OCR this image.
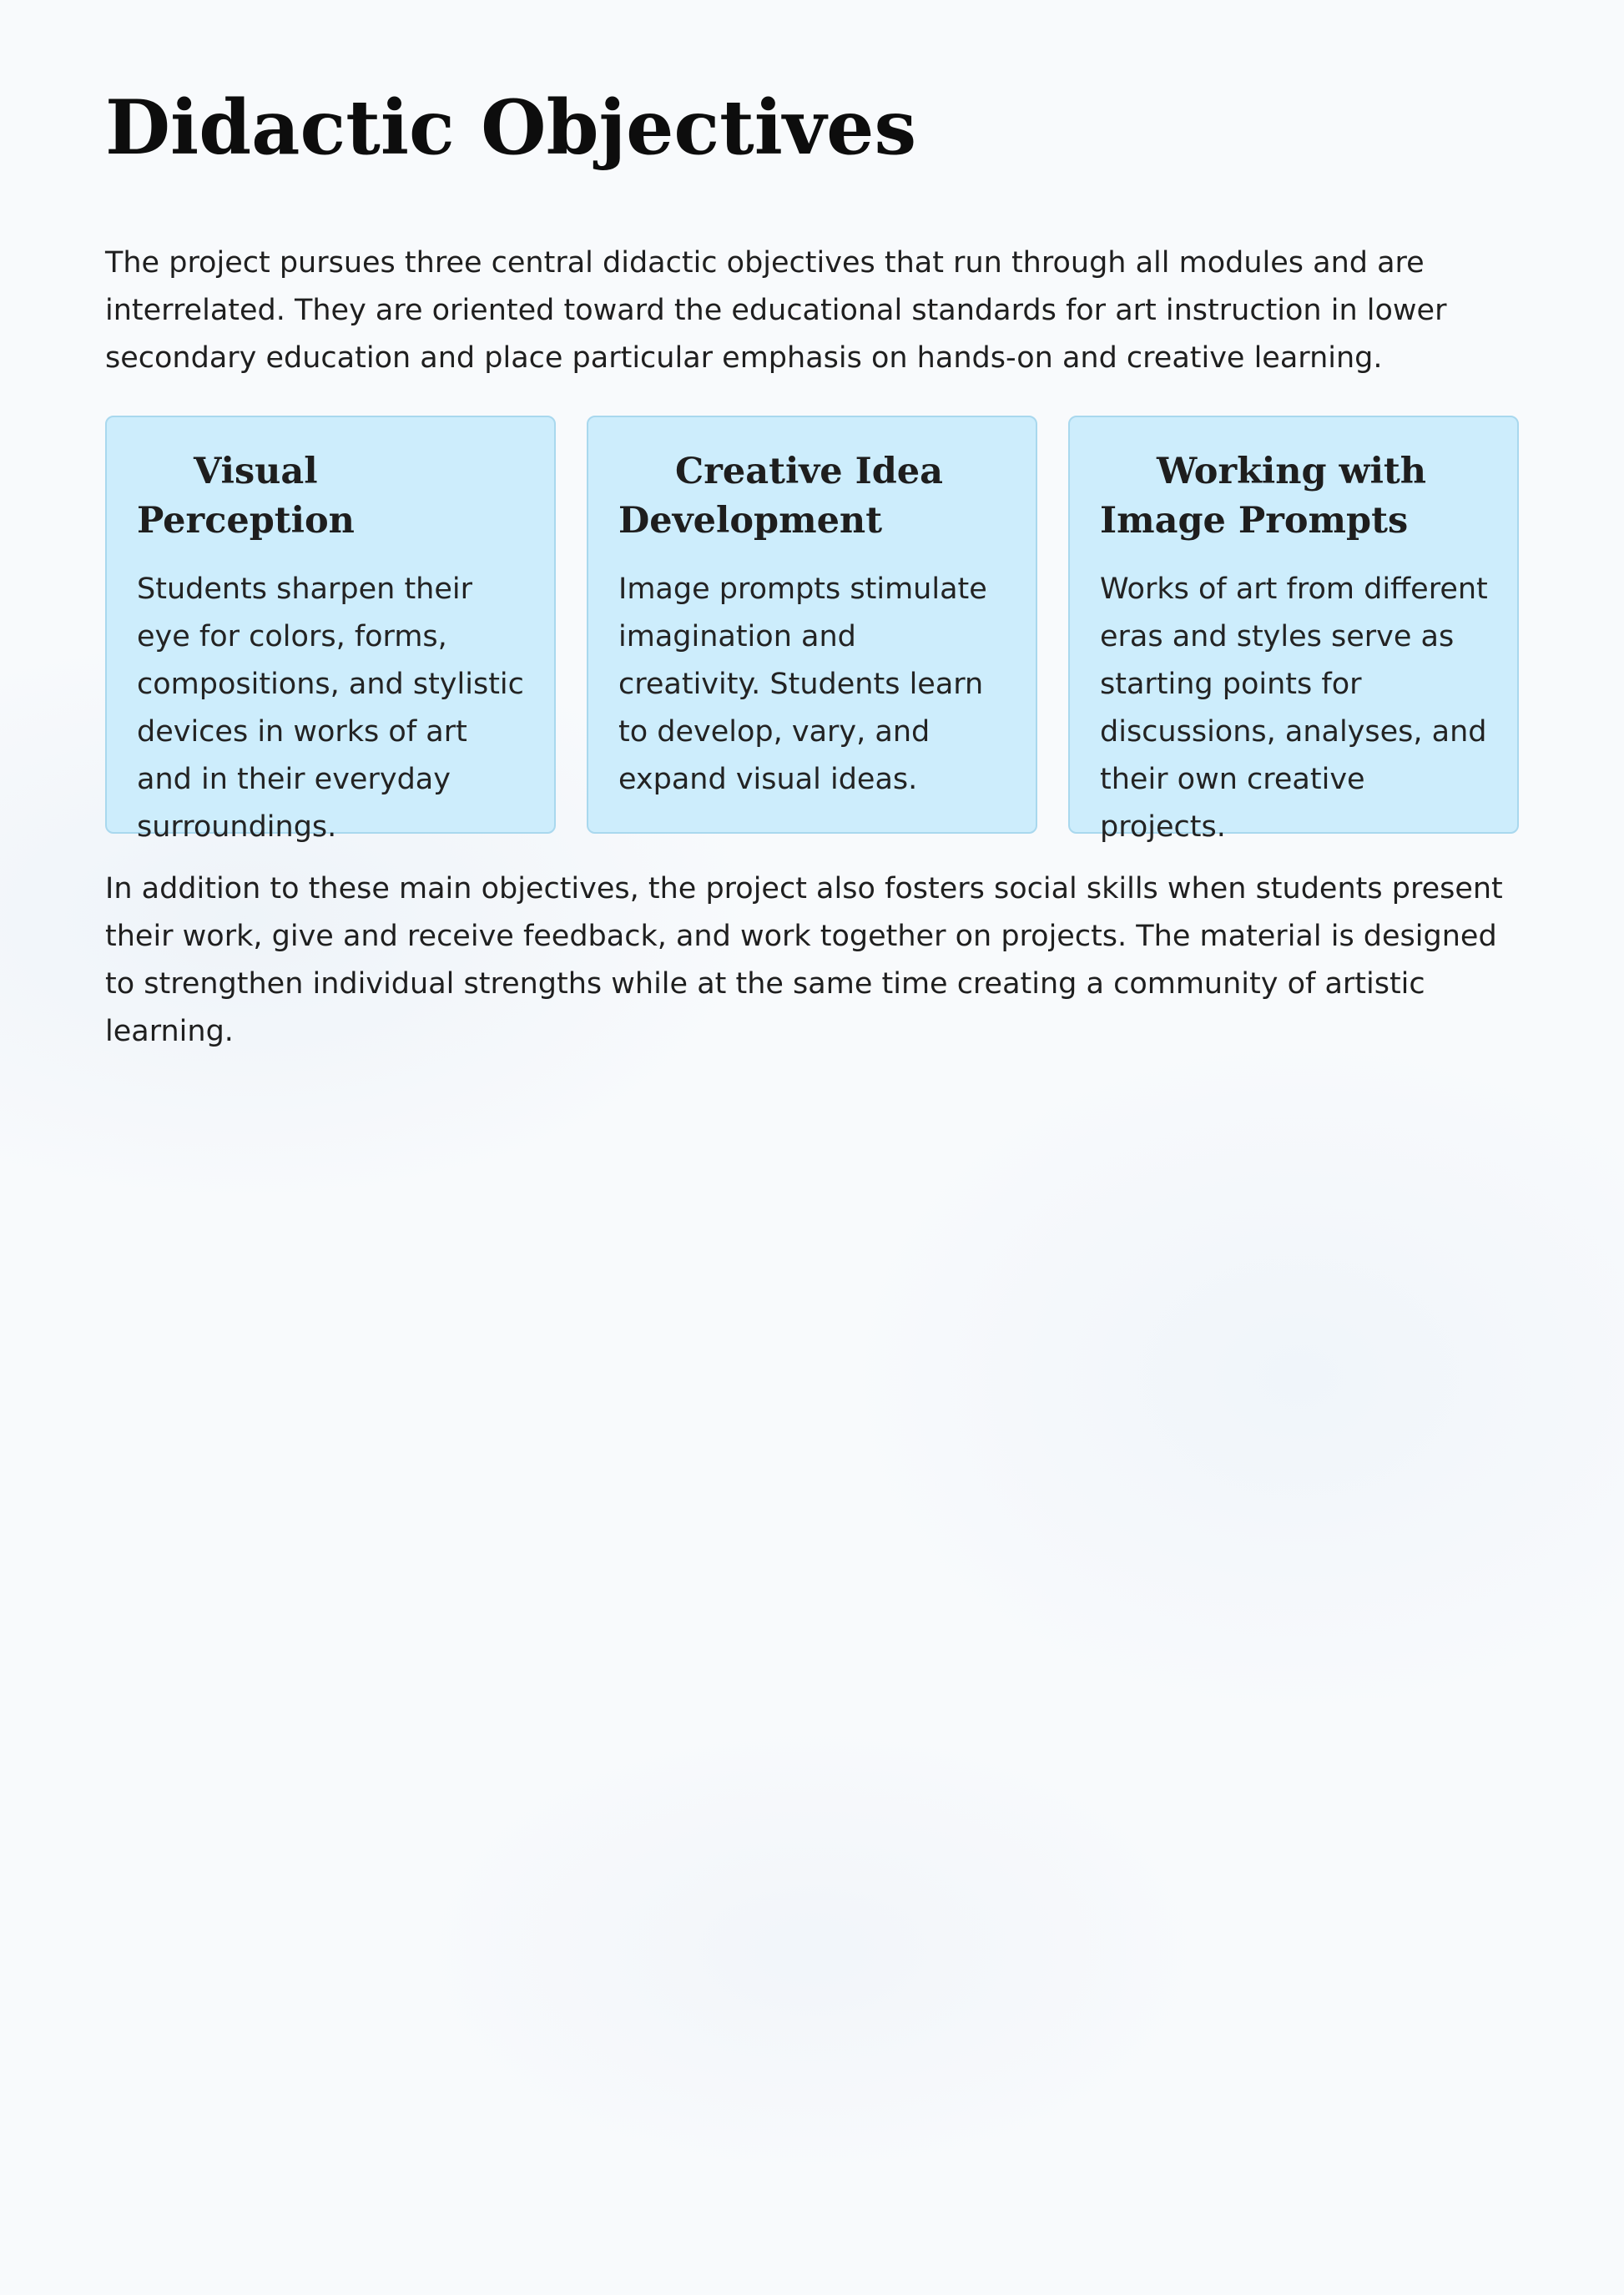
Didactic Objectives

The project pursues three central didactic objectives that run through all modules and are interrelated. They are oriented toward the educational standards for art instruction in lower secondary education and place particular emphasis on hands-on and creative learning.

Visual Perception

Students sharpen their eye for colors, forms, compositions, and stylistic devices in works of art and in their everyday surroundings.

Creative Idea Development

Image prompts stimulate imagination and creativity. Students learn to develop, vary, and expand visual ideas.

Working with Image Prompts

Works of art from different eras and styles serve as starting points for discussions, analyses, and their own creative projects.

In addition to these main objectives, the project also fosters social skills when students present their work, give and receive feedback, and work together on projects. The material is designed to strengthen individual strengths while at the same time creating a community of artistic learning.
